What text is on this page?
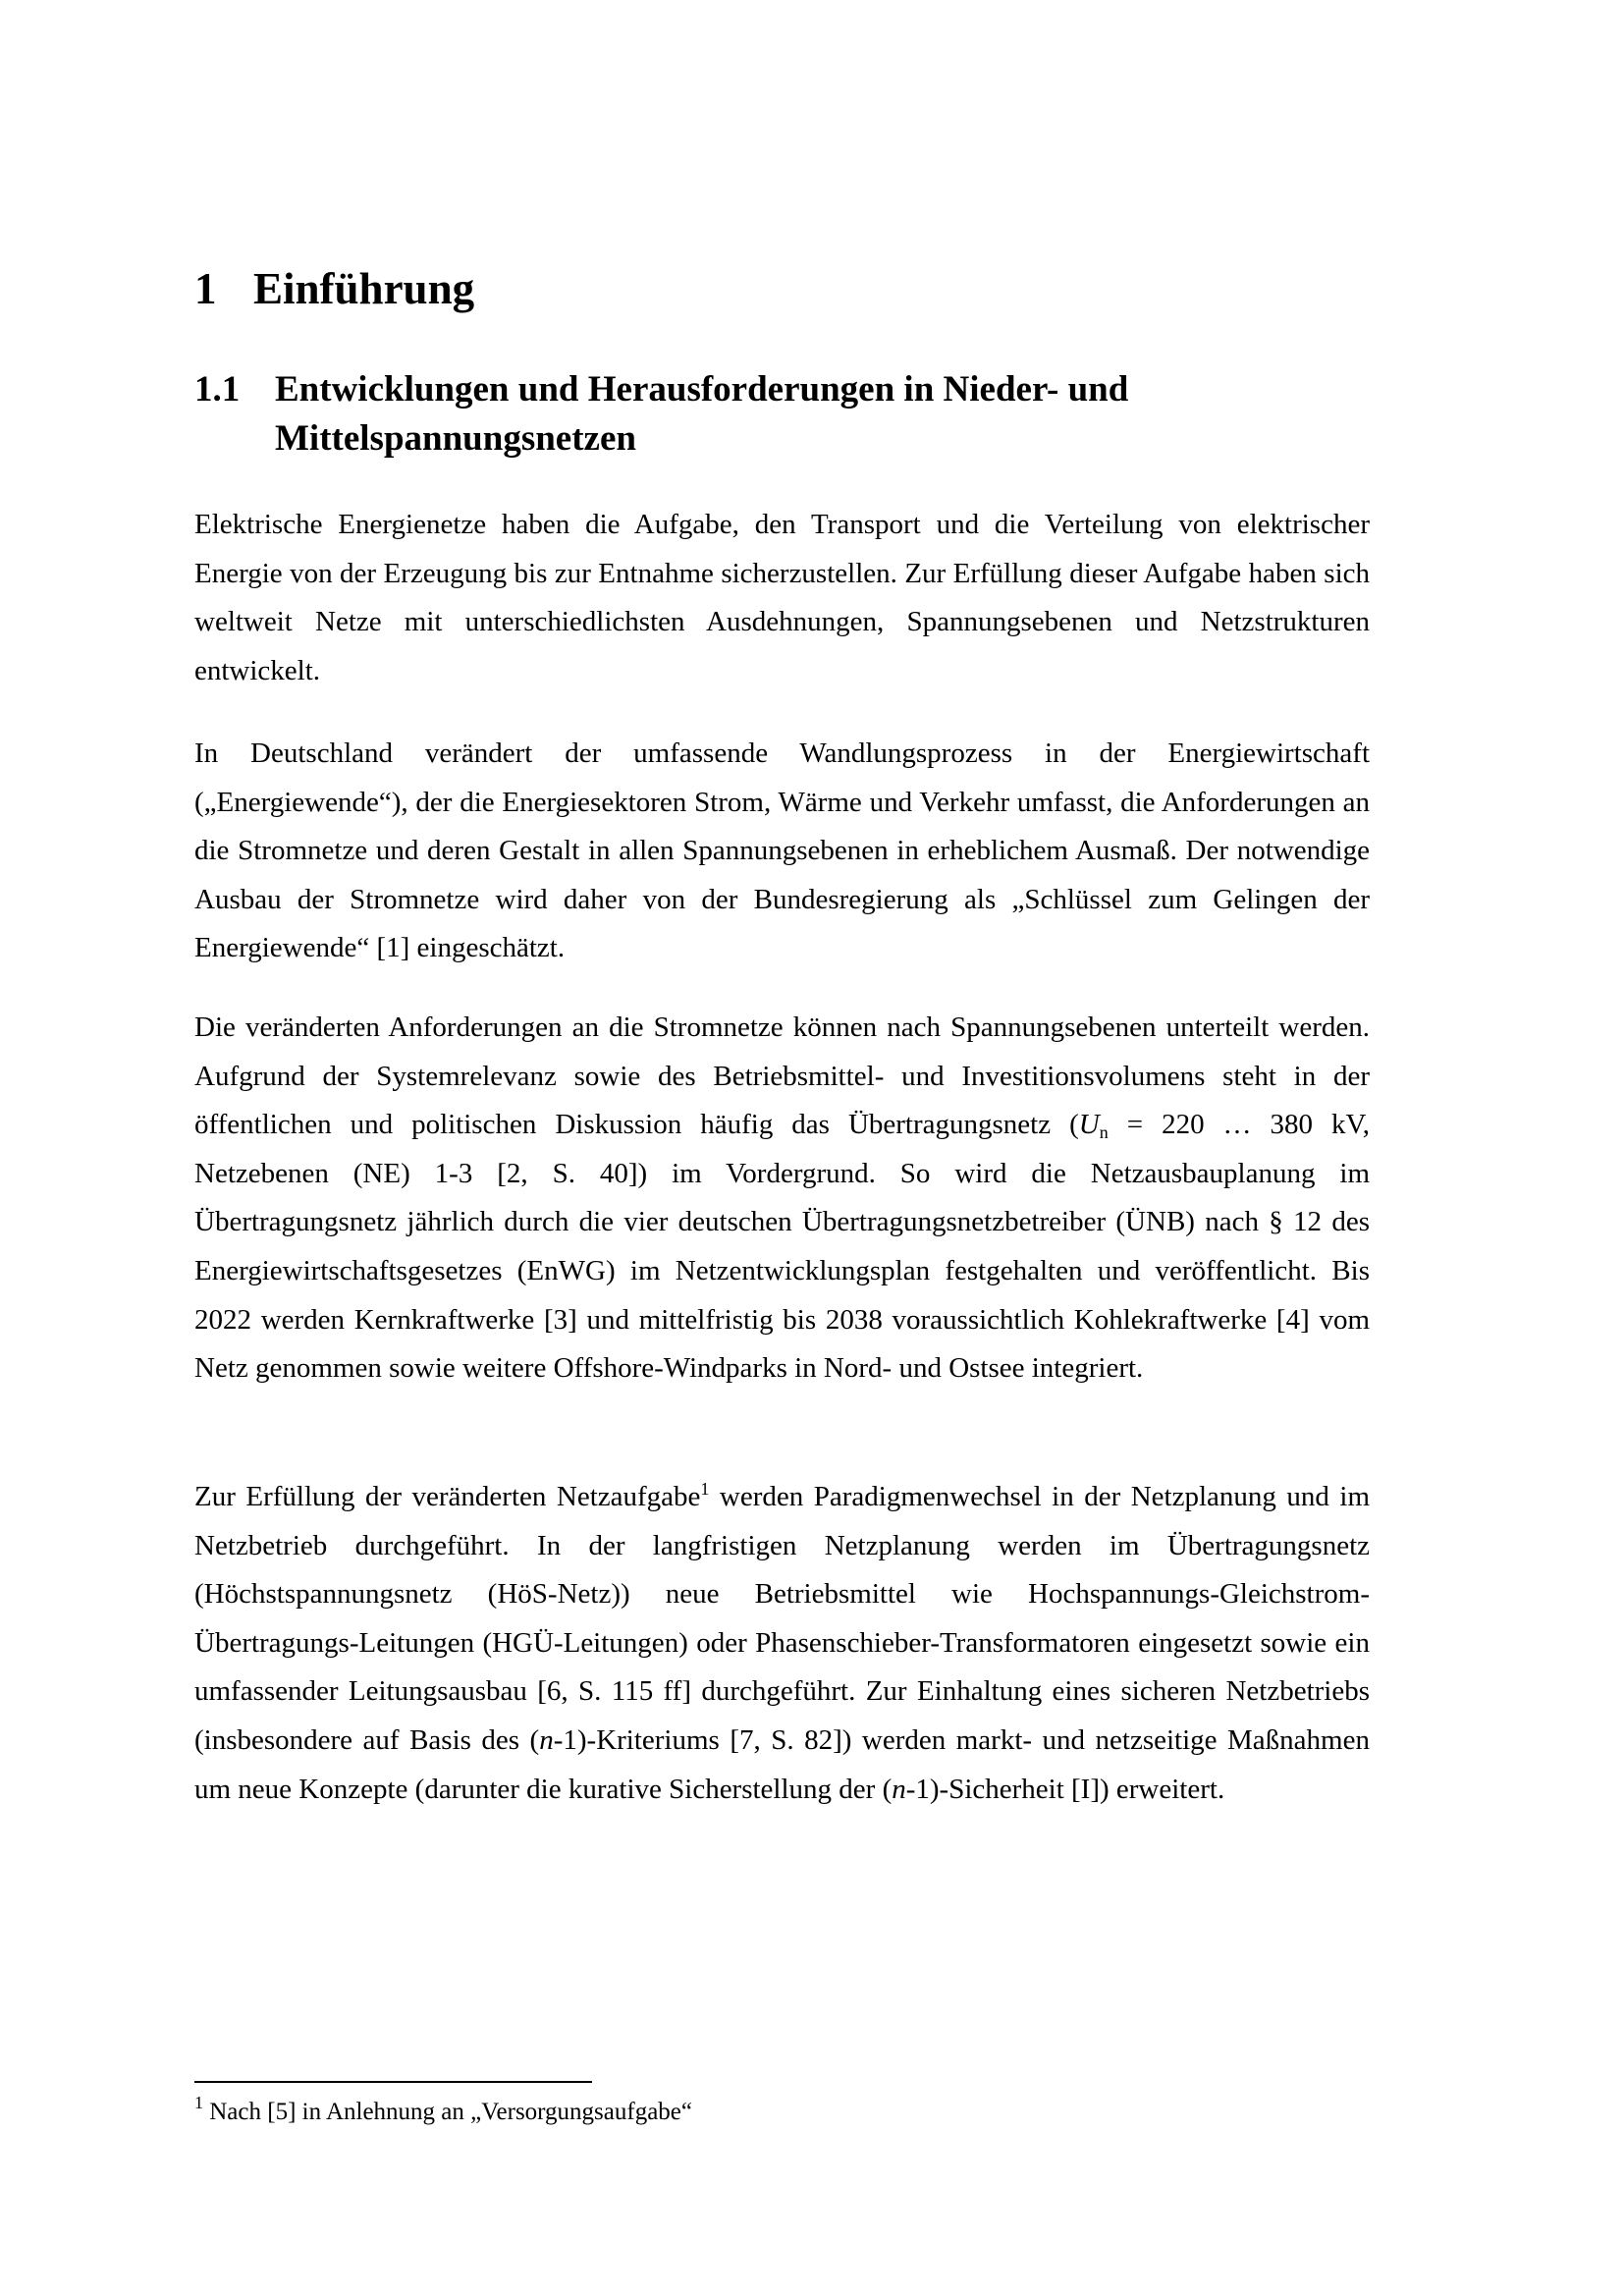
1 Einführung
1.1 Entwicklungen und Herausforderungen in Nieder- und Mittelspannungsnetzen

Elektrische Energienetze haben die Aufgabe, den Transport und die Verteilung von elektrischer Energie von der Erzeugung bis zur Entnahme sicherzustellen. Zur Erfüllung dieser Aufgabe haben sich weltweit Netze mit unterschiedlichsten Ausdehnungen, Spannungsebenen und Netzstrukturen entwickelt.

In Deutschland verändert der umfassende Wandlungsprozess in der Energiewirtschaft („Energiewende“), der die Energiesektoren Strom, Wärme und Verkehr umfasst, die Anforderungen an die Stromnetze und deren Gestalt in allen Spannungsebenen in erheblichem Ausmaß. Der notwendige Ausbau der Stromnetze wird daher von der Bundesregierung als „Schlüssel zum Gelingen der Energiewende“ [1] eingeschätzt.

Die veränderten Anforderungen an die Stromnetze können nach Spannungsebenen unterteilt werden. Aufgrund der Systemrelevanz sowie des Betriebsmittel- und Investitionsvolumens steht in der öffentlichen und politischen Diskussion häufig das Übertragungsnetz ($U_n = 220$ … 380 kV, Netzebenen (NE) 1-3 [2, S. 40]) im Vordergrund. So wird die Netzausbauplanung im Übertragungsnetz jährlich durch die vier deutschen Übertragungsnetzbetreiber (ÜNB) nach § 12 des Energiewirtschaftsgesetzes (EnWG) im Netzentwicklungsplan festgehalten und veröffentlicht. Bis 2022 werden Kernkraftwerke [3] und mittelfristig bis 2038 voraussichtlich Kohlekraftwerke [4] vom Netz genommen sowie weitere Offshore-Windparks in Nord- und Ostsee integriert.

Zur Erfüllung der veränderten Netzaufgabe$^1$ werden Paradigmenwechsel in der Netzplanung und im Netzbetrieb durchgeführt. In der langfristigen Netzplanung werden im Übertragungsnetz (Höchstspannungsnetz (HöS-Netz)) neue Betriebsmittel wie Hochspannungs-Gleichstrom-Übertragungs-Leitungen (HGÜ-Leitungen) oder Phasenschieber-Transformatoren eingesetzt sowie ein umfassender Leitungsausbau [6, S. 115 ff] durchgeführt. Zur Einhaltung eines sicheren Netzbetriebs (insbesondere auf Basis des (n-1)-Kriteriums [7, S. 82]) werden markt- und netzseitige Maßnahmen um neue Konzepte (darunter die kurative Sicherstellung der (n-1)-Sicherheit [I]) erweitert.

$^1$ Nach [5] in Anlehnung an „Versorgungsaufgabe“
